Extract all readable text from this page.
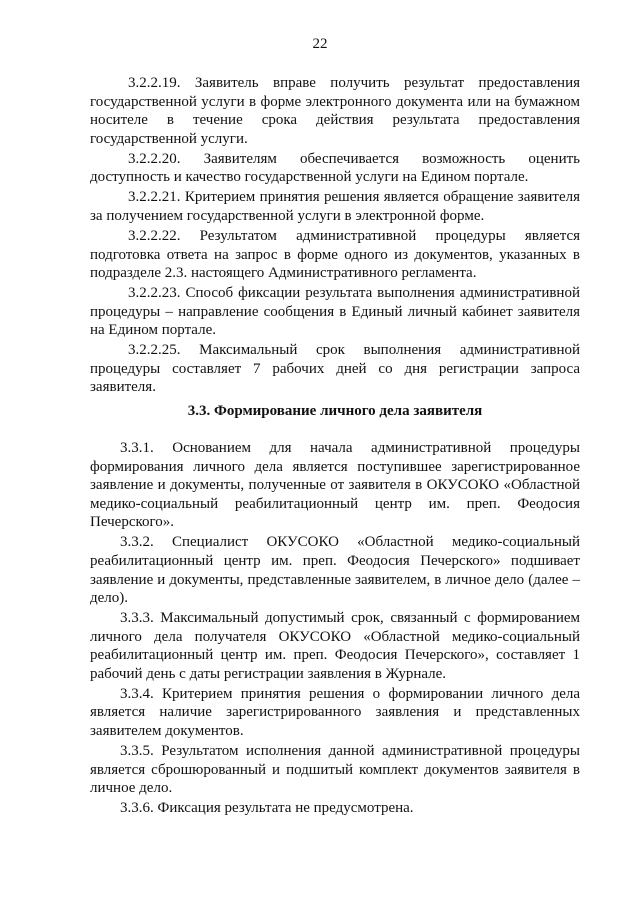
22

3.2.2.19. Заявитель вправе получить результат предоставления государственной услуги в форме электронного документа или на бумажном носителе в течение срока действия результата предоставления государственной услуги.

3.2.2.20. Заявителям обеспечивается возможность оценить доступность и качество государственной услуги на Едином портале.

3.2.2.21. Критерием принятия решения является обращение заявителя за получением государственной услуги в электронной форме.

3.2.2.22. Результатом административной процедуры является подготовка ответа на запрос в форме одного из документов, указанных в подразделе 2.3. настоящего Административного регламента.

3.2.2.23. Способ фиксации результата выполнения административной процедуры – направление сообщения в Единый личный кабинет заявителя на Едином портале.

3.2.2.25. Максимальный срок выполнения административной процедуры составляет 7 рабочих дней со дня регистрации запроса заявителя.

3.3. Формирование личного дела заявителя

3.3.1. Основанием для начала административной процедуры формирования личного дела является поступившее зарегистрированное заявление и документы, полученные от заявителя в ОКУСОКО «Областной медико-социальный реабилитационный центр им. преп. Феодосия Печерского».

3.3.2. Специалист ОКУСОКО «Областной медико-социальный реабилитационный центр им. преп. Феодосия Печерского» подшивает заявление и документы, представленные заявителем, в личное дело (далее – дело).

3.3.3. Максимальный допустимый срок, связанный с формированием личного дела получателя ОКУСОКО «Областной медико-социальный реабилитационный центр им. преп. Феодосия Печерского», составляет 1 рабочий день с даты регистрации заявления в Журнале.

3.3.4. Критерием принятия решения о формировании личного дела является наличие зарегистрированного заявления и представленных заявителем документов.

3.3.5. Результатом исполнения данной административной процедуры является сброшюрованный и подшитый комплект документов заявителя в личное дело.

3.3.6. Фиксация результата не предусмотрена.
